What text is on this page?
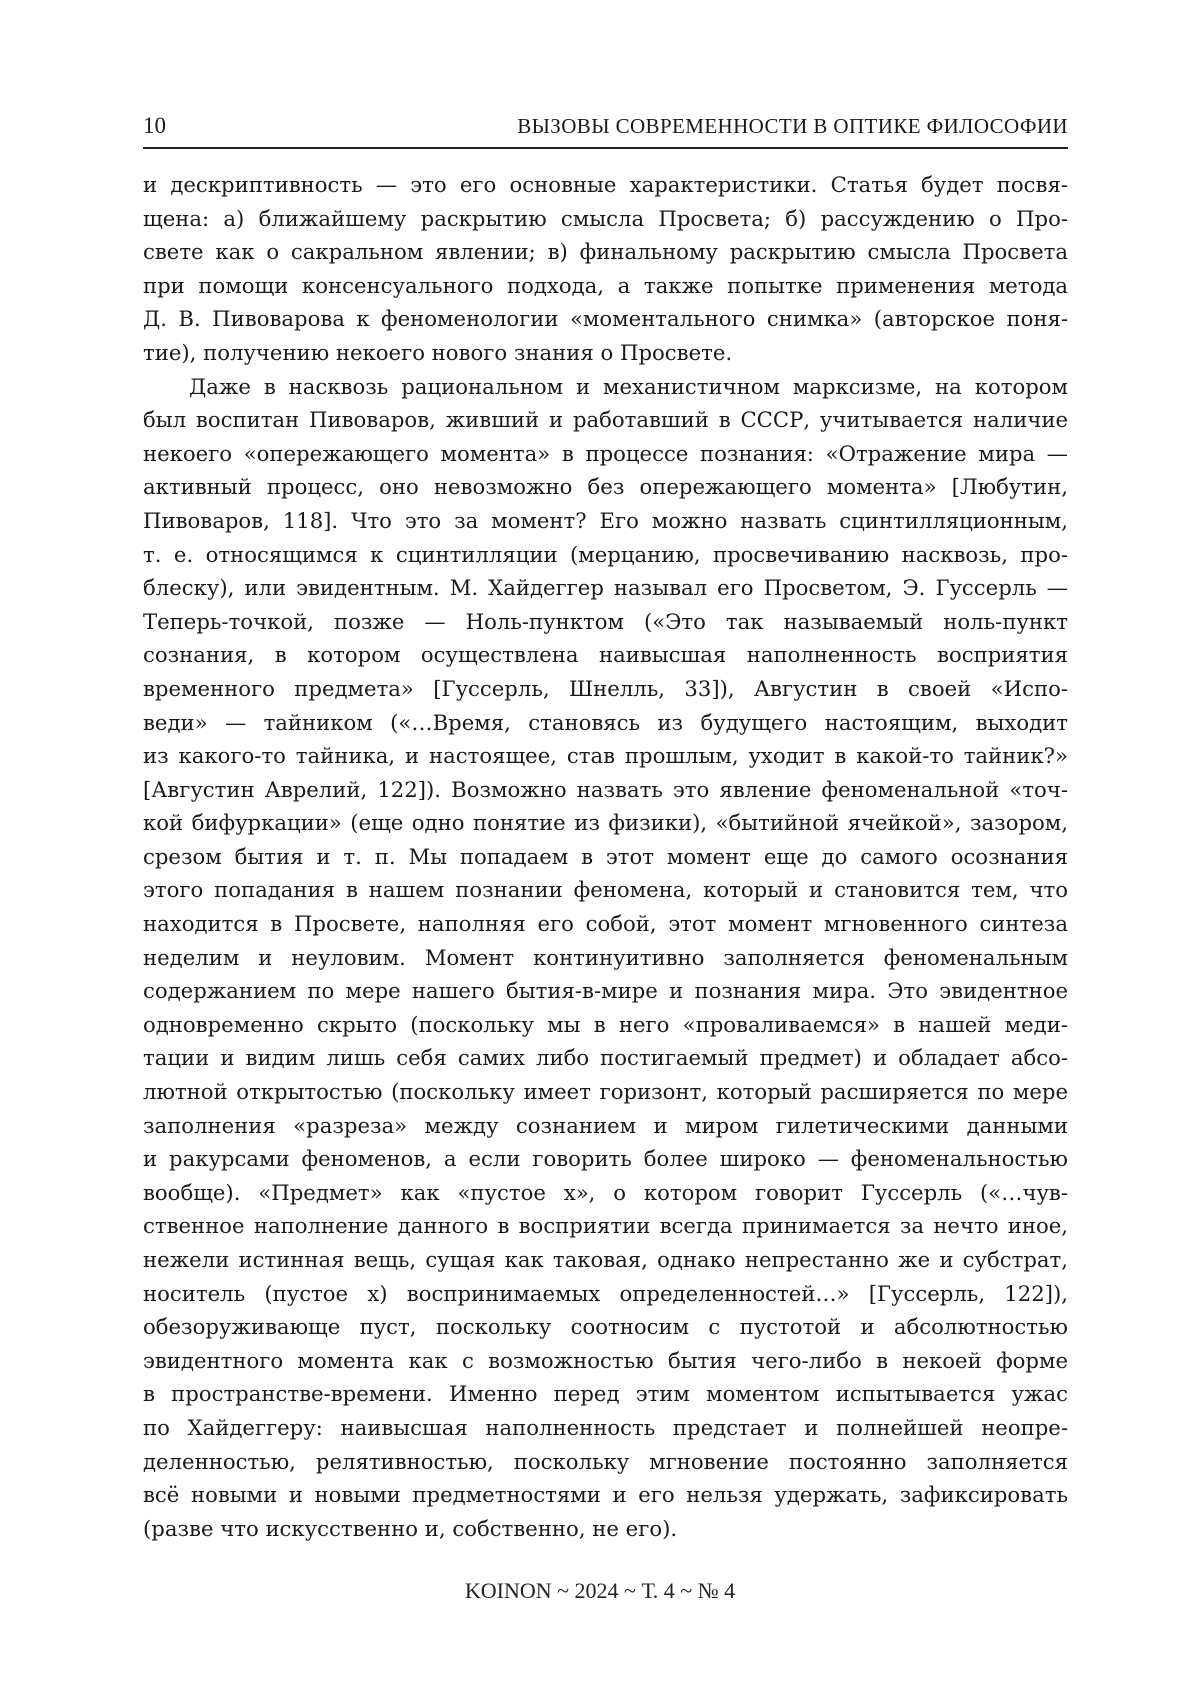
10	ВЫЗОВЫ СОВРЕМЕННОСТИ В ОПТИКЕ ФИЛОСОФИИ
и дескриптивность — это его основные характеристики. Статья будет посвя-
щена: а) ближайшему раскрытию смысла Просвета; б) рассуждению о Про-
свете как о сакральном явлении; в) финальному раскрытию смысла Просвета
при помощи консенсуального подхода, а также попытке применения метода
Д. В. Пивоварова к феноменологии «моментального снимка» (авторское поня-
тие), получению некоего нового знания о Просвете.
Даже в насквозь рациональном и механистичном марксизме, на котором
был воспитан Пивоваров, живший и работавший в СССР, учитывается наличие
некоего «опережающего момента» в процессе познания: «Отражение мира —
активный процесс, оно невозможно без опережающего момента» [Любутин,
Пивоваров, 118]. Что это за момент? Его можно назвать сцинтилляционным,
т. е. относящимся к сцинтилляции (мерцанию, просвечиванию насквозь, про-
блеску), или эвидентным. М. Хайдеггер называл его Просветом, Э. Гуссерль —
Теперь-точкой, позже — Ноль-пунктом («Это так называемый ноль-пункт
сознания, в котором осуществлена наивысшая наполненность восприятия
временного предмета» [Гуссерль, Шнелль, 33]), Августин в своей «Испо-
веди» — тайником («…Время, становясь из будущего настоящим, выходит
из какого-то тайника, и настоящее, став прошлым, уходит в какой-то тайник?»
[Августин Аврелий, 122]). Возможно назвать это явление феноменальной «точ-
кой бифуркации» (еще одно понятие из физики), «бытийной ячейкой», зазором,
срезом бытия и т. п. Мы попадаем в этот момент еще до самого осознания
этого попадания в нашем познании феномена, который и становится тем, что
находится в Просвете, наполняя его собой, этот момент мгновенного синтеза
неделим и неуловим. Момент континуитивно заполняется феноменальным
содержанием по мере нашего бытия-в-мире и познания мира. Это эвидентное
одновременно скрыто (поскольку мы в него «проваливаемся» в нашей меди-
тации и видим лишь себя самих либо постигаемый предмет) и обладает абсо-
лютной открытостью (поскольку имеет горизонт, который расширяется по мере
заполнения «разреза» между сознанием и миром гилетическими данными
и ракурсами феноменов, а если говорить более широко — феноменальностью
вообще). «Предмет» как «пустое х», о котором говорит Гуссерль («…чув-
ственное наполнение данного в восприятии всегда принимается за нечто иное,
нежели истинная вещь, сущая как таковая, однако непрестанно же и субстрат,
носитель (пустое х) воспринимаемых определенностей…» [Гуссерль, 122]),
обезоруживающе пуст, поскольку соотносим с пустотой и абсолютностью
эвидентного момента как с возможностью бытия чего-либо в некоей форме
в пространстве-времени. Именно перед этим моментом испытывается ужас
по Хайдеггеру: наивысшая наполненность предстает и полнейшей неопре-
деленностью, релятивностью, поскольку мгновение постоянно заполняется
всё новыми и новыми предметностями и его нельзя удержать, зафиксировать
(разве что искусственно и, собственно, не его).
KOINON ~ 2024 ~ Т. 4 ~ № 4
